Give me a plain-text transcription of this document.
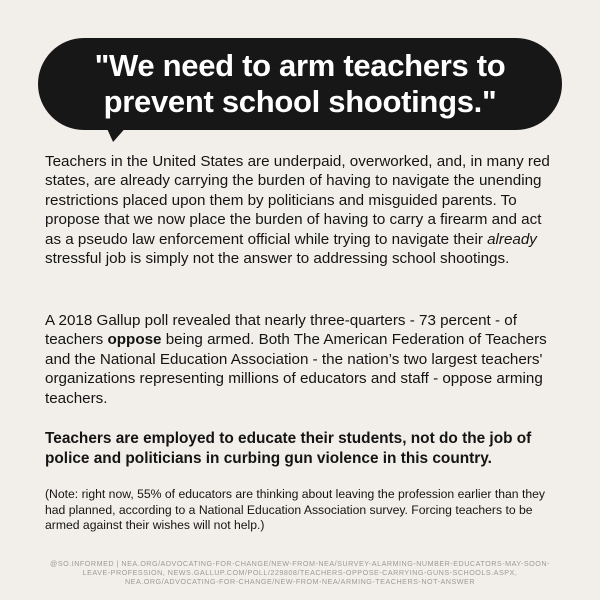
"We need to arm teachers to
prevent school shootings."

Teachers in the United States are underpaid, overworked, and, in many red states, are already carrying the burden of having to navigate the unending restrictions placed upon them by politicians and misguided parents. To propose that we now place the burden of having to carry a firearm and act as a pseudo law enforcement official while trying to navigate their already stressful job is simply not the answer to addressing school shootings.

A 2018 Gallup poll revealed that nearly three-quarters - 73 percent - of teachers oppose being armed. Both The American Federation of Teachers and the National Education Association - the nation’s two largest teachers' organizations representing millions of educators and staff - oppose arming teachers.

Teachers are employed to educate their students, not do the job of police and politicians in curbing gun violence in this country.

(Note: right now, 55% of educators are thinking about leaving the profession earlier than they had planned, according to a National Education Association survey. Forcing teachers to be armed against their wishes will not help.)

@SO.INFORMED | NEA.ORG/ADVOCATING-FOR-CHANGE/NEW-FROM-NEA/SURVEY-ALARMING-NUMBER-EDUCATORS-MAY-SOON-
LEAVE-PROFESSION, NEWS.GALLUP.COM/POLL/229808/TEACHERS-OPPOSE-CARRYING-GUNS-SCHOOLS.ASPX,
NEA.ORG/ADVOCATING-FOR-CHANGE/NEW-FROM-NEA/ARMING-TEACHERS-NOT-ANSWER
